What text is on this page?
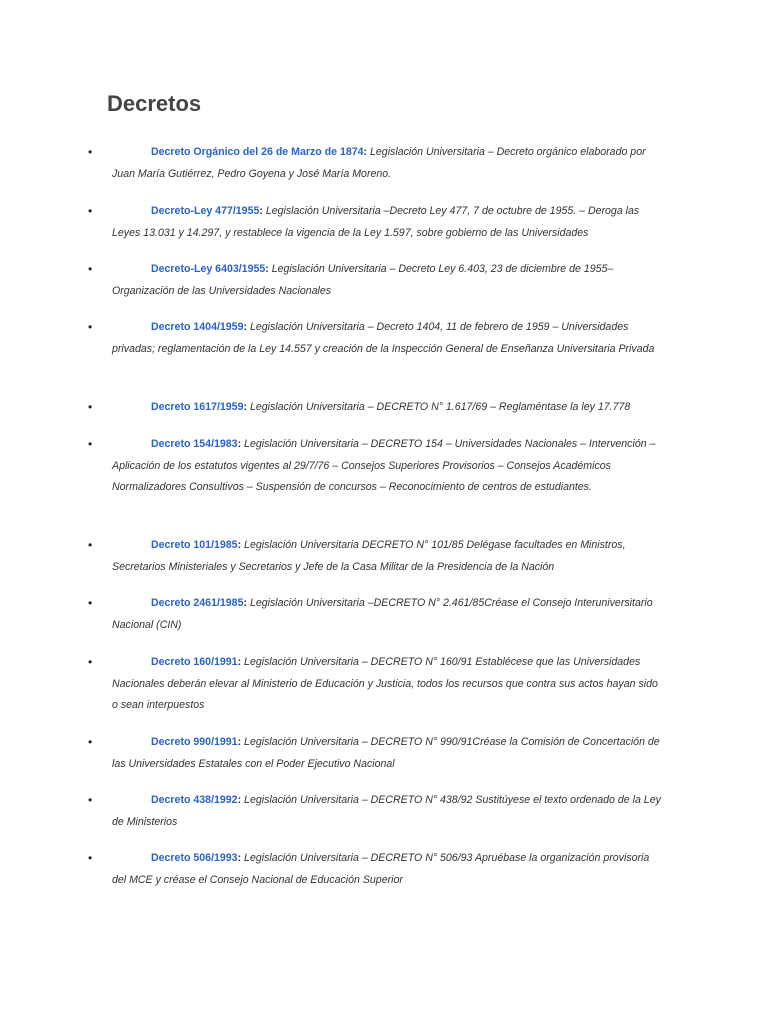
Decretos
•	Decreto Orgánico del 26 de Marzo de 1874: Legislación Universitaria – Decreto orgánico elaborado por Juan María Gutiérrez, Pedro Goyena y José María Moreno.
•	Decreto-Ley 477/1955: Legislación Universitaria –Decreto Ley 477, 7 de octubre de 1955. – Deroga las Leyes 13.031 y 14.297, y restablece la vigencia de la Ley 1.597, sobre gobierno de las Universidades
•	Decreto-Ley 6403/1955: Legislación Universitaria – Decreto Ley 6.403, 23 de diciembre de 1955– Organización de las Universidades Nacionales
•	Decreto 1404/1959: Legislación Universitaria – Decreto 1404, 11 de febrero de 1959 – Universidades privadas; reglamentación de la Ley 14.557 y creación de la Inspección General de Enseñanza Universitaria Privada
•	Decreto 1617/1959: Legislación Universitaria – DECRETO N° 1.617/69 – Reglaméntase la ley 17.778
•	Decreto 154/1983: Legislación Universitaria – DECRETO 154 – Universidades Nacionales – Intervención – Aplicación de los estatutos vigentes al 29/7/76 – Consejos Superiores Provisorios – Consejos Académicos Normalizadores Consultivos – Suspensión de concursos – Reconocimiento de centros de estudiantes.
•	Decreto 101/1985: Legislación Universitaria DECRETO N° 101/85 Delégase facultades en Ministros, Secretarios Ministeriales y Secretarios y Jefe de la Casa Militar de la Presidencia de la Nación
•	Decreto 2461/1985: Legislación Universitaria –DECRETO N° 2.461/85Créase el Consejo Interuniversitario Nacional (CIN)
•	Decreto 160/1991: Legislación Universitaria – DECRETO N° 160/91 Establécese que las Universidades Nacionales deberán elevar al Ministerio de Educación y Justicia, todos los recursos que contra sus actos hayan sido o sean interpuestos
•	Decreto 990/1991: Legislación Universitaria – DECRETO N° 990/91Créase la Comisión de Concertación de las Universidades Estatales con el Poder Ejecutivo Nacional
•	Decreto 438/1992: Legislación Universitaria – DECRETO N° 438/92 Sustitúyese el texto ordenado de la Ley de Ministerios
•	Decreto 506/1993: Legislación Universitaria – DECRETO N° 506/93 Apruébase la organización provisoria del MCE y créase el Consejo Nacional de Educación Superior
